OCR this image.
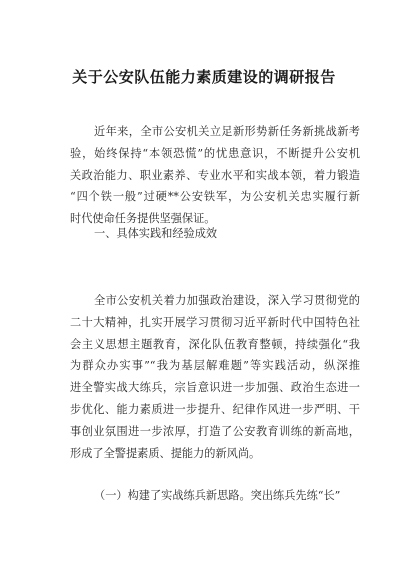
关于公安队伍能力素质建设的调研报告
近年来，全市公安机关立足新形势新任务新挑战新考
验，始终保持“本领恐慌”的忧患意识，不断提升公安机
关政治能力、职业素养、专业水平和实战本领，着力锻造
“四个铁一般”过硬**公安铁军，为公安机关忠实履行新
时代使命任务提供坚强保证。
一、具体实践和经验成效
全市公安机关着力加强政治建设，深入学习贯彻党的
二十大精神，扎实开展学习贯彻习近平新时代中国特色社
会主义思想主题教育，深化队伍教育整顿，持续强化“我
为群众办实事”“我为基层解难题”等实践活动，纵深推
进全警实战大练兵，宗旨意识进一步加强、政治生态进一
步优化、能力素质进一步提升、纪律作风进一步严明、干
事创业氛围进一步浓厚，打造了公安教育训练的新高地，
形成了全警提素质、提能力的新风尚。
（一）构建了实战练兵新思路。突出练兵先练“长”
